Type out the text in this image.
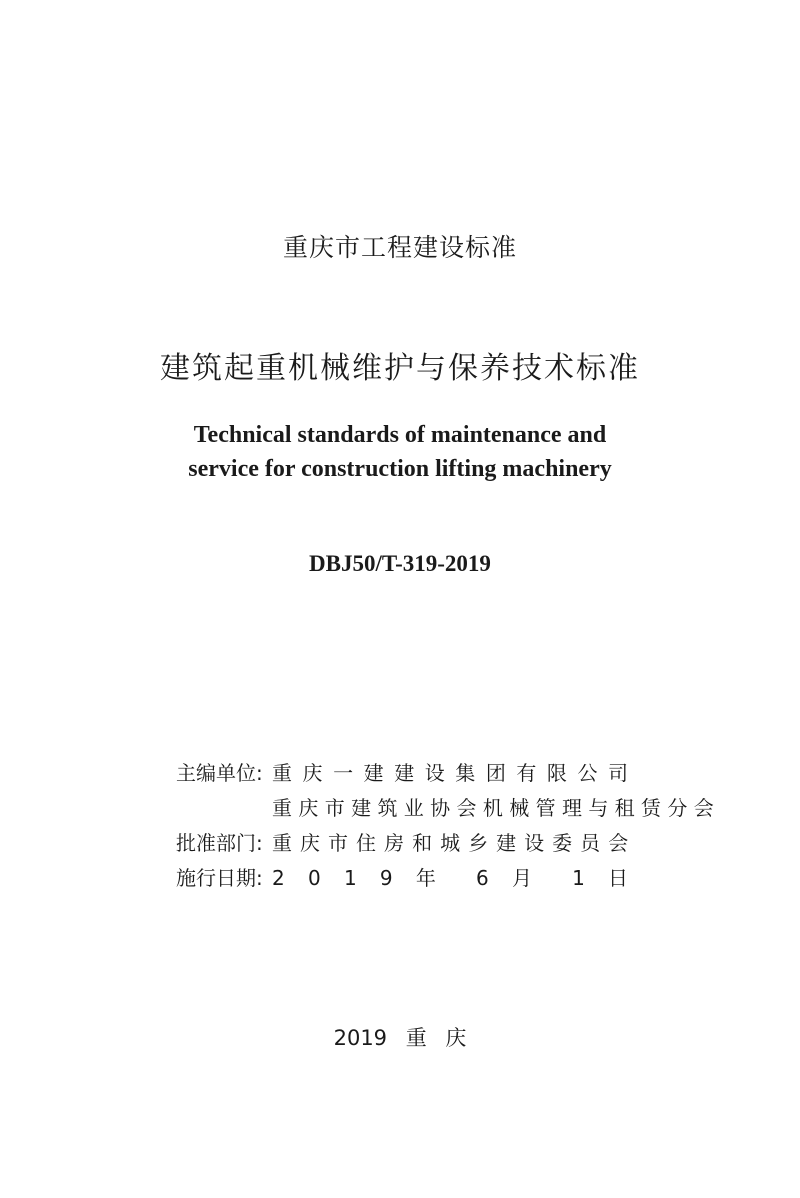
重庆市工程建设标准
建筑起重机械维护与保养技术标准
Technical standards of maintenance and
service for construction lifting machinery
DBJ50/T-319-2019
主编单位: 重 庆 一 建 建 设 集 团 有 限 公 司
重 庆 市 建 筑 业 协 会 机 械 管 理 与 租 赁 分 会
批准部门: 重 庆 市 住 房 和 城 乡 建 设 委 员 会
施行日期: 2 0 1 9 年 6 月 1 日
2019 重 庆
